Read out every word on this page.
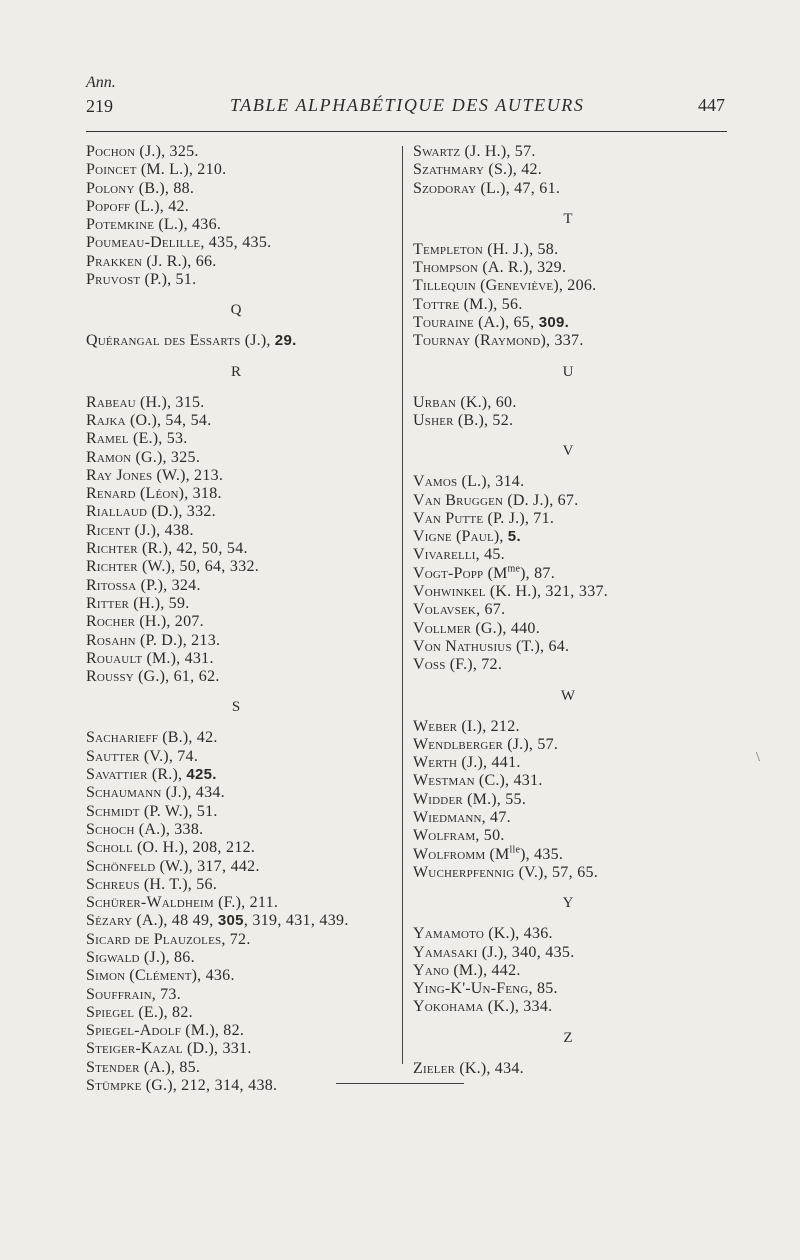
Ann.
219	TABLE ALPHABÉTIQUE DES AUTEURS	447
Pochon (J.), 325.
Poincet (M. L.), 210.
Polony (B.), 88.
Popoff (L.), 42.
Potemkine (L.), 436.
Poumeau-Delille, 435, 435.
Prakken (J. R.), 66.
Pruvost (P.), 51.
Q
Quérangal des Essarts (J.), 29.
R
Rabeau (H.), 315.
Rajka (O.), 54, 54.
Ramel (E.), 53.
Ramon (G.), 325.
Ray Jones (W.), 213.
Renard (Léon), 318.
Riallaud (D.), 332.
Ricent (J.), 438.
Richter (R.), 42, 50, 54.
Richter (W.), 50, 64, 332.
Ritossa (P.), 324.
Ritter (H.), 59.
Rocher (H.), 207.
Rosahn (P. D.), 213.
Rouault (M.), 431.
Roussy (G.), 61, 62.
S
Sacharieff (B.), 42.
Sautter (V.), 74.
Savattier (R.), 425.
Schaumann (J.), 434.
Schmidt (P. W.), 51.
Schoch (A.), 338.
Scholl (O. H.), 208, 212.
Schönfeld (W.), 317, 442.
Schreus (H. T.), 56.
Schürer-Waldheim (F.), 211.
Sézary (A.), 48 49, 305, 319, 431, 439.
Sicard de Plauzoles, 72.
Sigwald (J.), 86.
Simon (Clément), 436.
Souffrain, 73.
Spiegel (E.), 82.
Spiegel-Adolf (M.), 82.
Steiger-Kazal (D.), 331.
Stender (A.), 85.
Stümpke (G.), 212, 314, 438.
Swartz (J. H.), 57.
Szathmary (S.), 42.
Szodoray (L.), 47, 61.
T
Templeton (H. J.), 58.
Thompson (A. R.), 329.
Tillequin (Geneviève), 206.
Tottre (M.), 56.
Touraine (A.), 65, 309.
Tournay (Raymond), 337.
U
Urban (K.), 60.
Usher (B.), 52.
V
Vamos (L.), 314.
Van Bruggen (D. J.), 67.
Van Putte (P. J.), 71.
Vigne (Paul), 5.
Vivarelli, 45.
Vogt-Popp $(M^{me})$, 87.
Vohwinkel (K. H.), 321, 337.
Volavsek, 67.
Vollmer (G.), 440.
Von Nathusius (T.), 64.
Voss (F.), 72.
W
Weber (I.), 212.
Wendlberger (J.), 57.
Werth (J.), 441.
Westman (C.), 431.
Widder (M.), 55.
Wiedmann, 47.
Wolfram, 50.
Wolfromm $(M^{lle})$, 435.
Wucherpfennig (V.), 57, 65.
Y
Yamamoto (K.), 436.
Yamasaki (J.), 340, 435.
Yano (M.), 442.
Ying-K'-Un-Feng, 85.
Yokohama (K.), 334.
Z
Zieler (K.), 434.
\
